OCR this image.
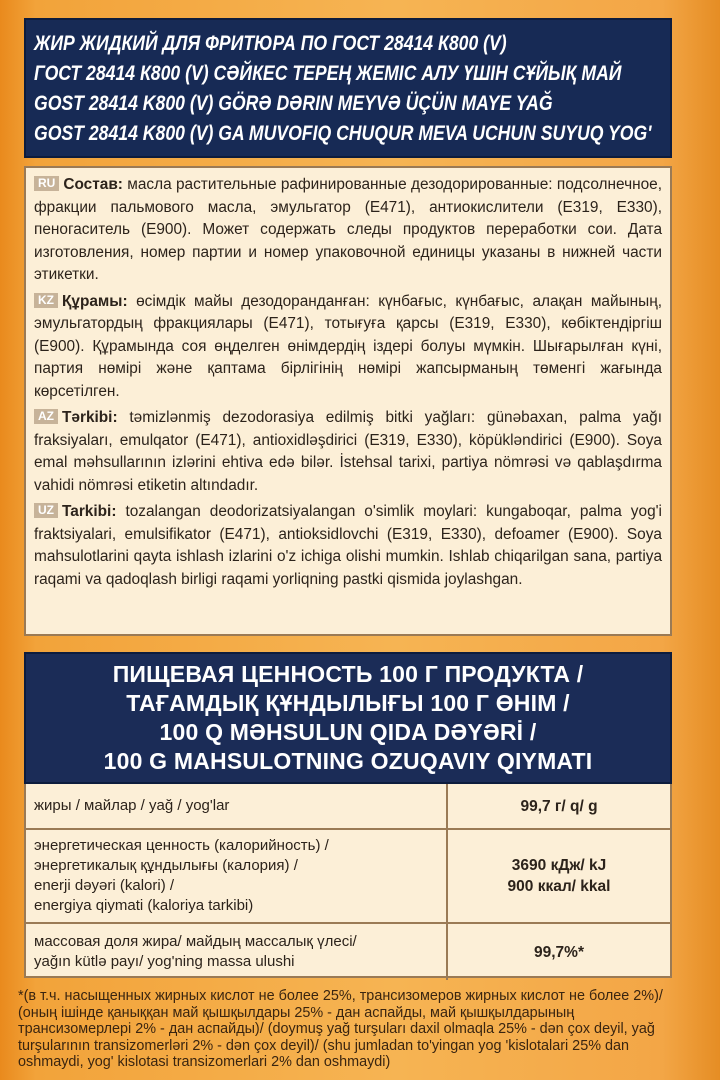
ЖИР ЖИДКИЙ ДЛЯ ФРИТЮРА ПО ГОСТ 28414 К800 (V)
ГОСТ 28414 К800 (V) СӘЙКЕС ТЕРЕҢ ЖЕМІС АЛУ ҮШІН СҰЙЫҚ МАЙ
GOST 28414 K800 (V) GÖRƏ DƏRIN MEYVƏ ÜÇÜN MAYE YAĞ
GOST 28414 K800 (V) GA MUVOFIQ CHUQUR MEVA UCHUN SUYUQ YOG'

RU Состав: масла растительные рафинированные дезодорированные: подсолнечное, фракции пальмового масла, эмульгатор (Е471), антиокислители (Е319, Е330), пеногаситель (Е900). Может содержать следы продуктов переработки сои. Дата изготовления, номер партии и номер упаковочной единицы указаны в нижней части этикетки.

KZ Құрамы: өсімдік майы дезодоранданған: күнбағыс, күнбағыс, алақан майының, эмульгатордың фракциялары (Е471), тотығуға қарсы (Е319, Е330), көбіктендіргіш (Е900). Құрамында соя өңделген өнімдердің іздері болуы мүмкін. Шығарылған күні, партия нөмірі және қаптама бірлігінің нөмірі жапсырманың төменгі жағында көрсетілген.

AZ Tərkibi: təmizlənmiş dezodorasiya edilmiş bitki yağları: günəbaxan, palma yağı fraksiyaları, emulqator (E471), antioxidləşdirici (E319, E330), köpükləndirici (E900). Soya emal məhsullarının izlərini ehtiva edə bilər. İstehsal tarixi, partiya nömrəsi və qablaşdırma vahidi nömrəsi etiketin altındadır.

UZ Tarkibi: tozalangan deodorizatsiyalangan o'simlik moylari: kungaboqar, palma yog'i fraktsiyalari, emulsifikator (E471), antioksidlovchi (E319, E330), defoamer (E900). Soya mahsulotlarini qayta ishlash izlarini o'z ichiga olishi mumkin. Ishlab chiqarilgan sana, partiya raqami va qadoqlash birligi raqami yorliqning pastki qismida joylashgan.

ПИЩЕВАЯ ЦЕННОСТЬ 100 Г ПРОДУКТА /
ТАҒАМДЫҚ ҚҰНДЫЛЫҒЫ 100 Г ӨНІМ /
100 Q MƏHSULUN QIDA DƏYƏRİ /
100 G MAHSULOTNING OZUQAVIY QIYMATI
жиры / майлар / yağ / yog'lar	99,7 г/ q/ g
энергетическая ценность (калорийность) /
энергетикалық құндылығы (калория) /
enerji dəyəri (kalori) /
energiya qiymati (kaloriya tarkibi)
3690 кДж/ kJ
900 ккал/ kkal
массовая доля жира/ майдың массалық үлесі/
yağın kütlə payı/ yog'ning massa ulushi
99,7%*
*(в т.ч. насыщенных жирных кислот не более 25%, трансизомеров жирных кислот не более 2%)/ (оның ішінде қаныққан май қышқылдары 25% - дан аспайды, май қышқылдарының трансизомерлері 2% - дан аспайды)/ (doymuş yağ turşuları daxil olmaqla 25% - dən çox deyil, yağ turşularının transizomerləri 2% - dən çox deyil)/ (shu jumladan to'yingan yog 'kislotalari 25% dan oshmaydi, yog' kislotasi transizomerlari 2% dan oshmaydi)
